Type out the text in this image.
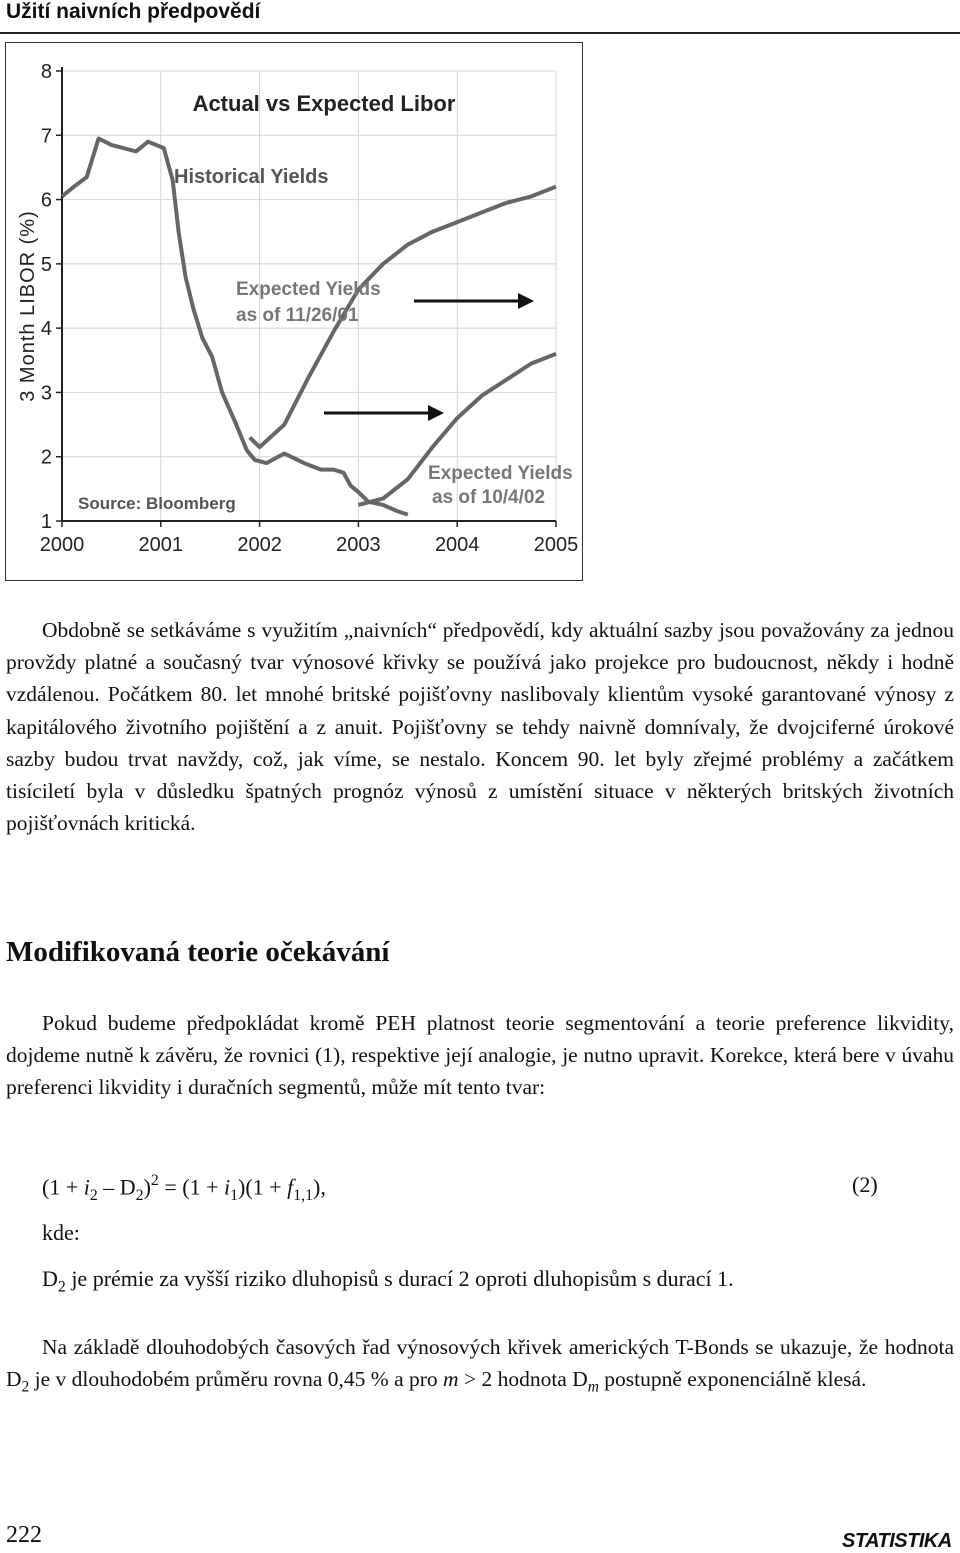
Užití naivních předpovědí
1
2
3
4
5
6
7
8
2000	2001	2002	2003	2004	2005
3 Month LIBOR (%)
Actual vs Expected Libor
Historical Yields
Expected Yields
as of 11/26/01
Expected Yields
as of 10/4/02
Source: Bloomberg

Obdobně se setkáváme s využitím „naivních“ předpovědí, kdy aktuální sazby jsou považovány za jednou provždy platné a současný tvar výnosové křivky se používá jako projekce pro budoucnost, někdy i hodně vzdálenou. Počátkem 80. let mnohé britské pojišťovny naslibovaly klientům vysoké garantované výnosy z kapitálového životního pojištění a z anuit. Pojišťovny se tehdy naivně domnívaly, že dvojciferné úrokové sazby budou trvat navždy, což, jak víme, se nestalo. Koncem 90. let byly zřejmé problémy a začátkem tisíciletí byla v důsledku špatných prognóz výnosů z umístění situace v některých britských životních pojišťovnách kritická.

Modifikovaná teorie očekávání

Pokud budeme předpokládat kromě PEH platnost teorie segmentování a teorie preference likvidity, dojdeme nutně k závěru, že rovnici (1), respektive její analogie, je nutno upravit. Korekce, která bere v úvahu preferenci likvidity i duračních segmentů, může mít tento tvar:

$(1 + i_2 - D_2)^2 = (1 + i_1)(1 + f_{1,1})$,	(2)
kde:
$D_2$ je prémie za vyšší riziko dluhopisů s durací 2 oproti dluhopisům s durací 1.

Na základě dlouhodobých časových řad výnosových křivek amerických T-Bonds se ukazuje, že hodnota $D_2$ je v dlouhodobém průměru rovna 0,45 % a pro m > 2 hodnota $D_m$ postupně exponenciálně klesá.

222	STATISTIKA
